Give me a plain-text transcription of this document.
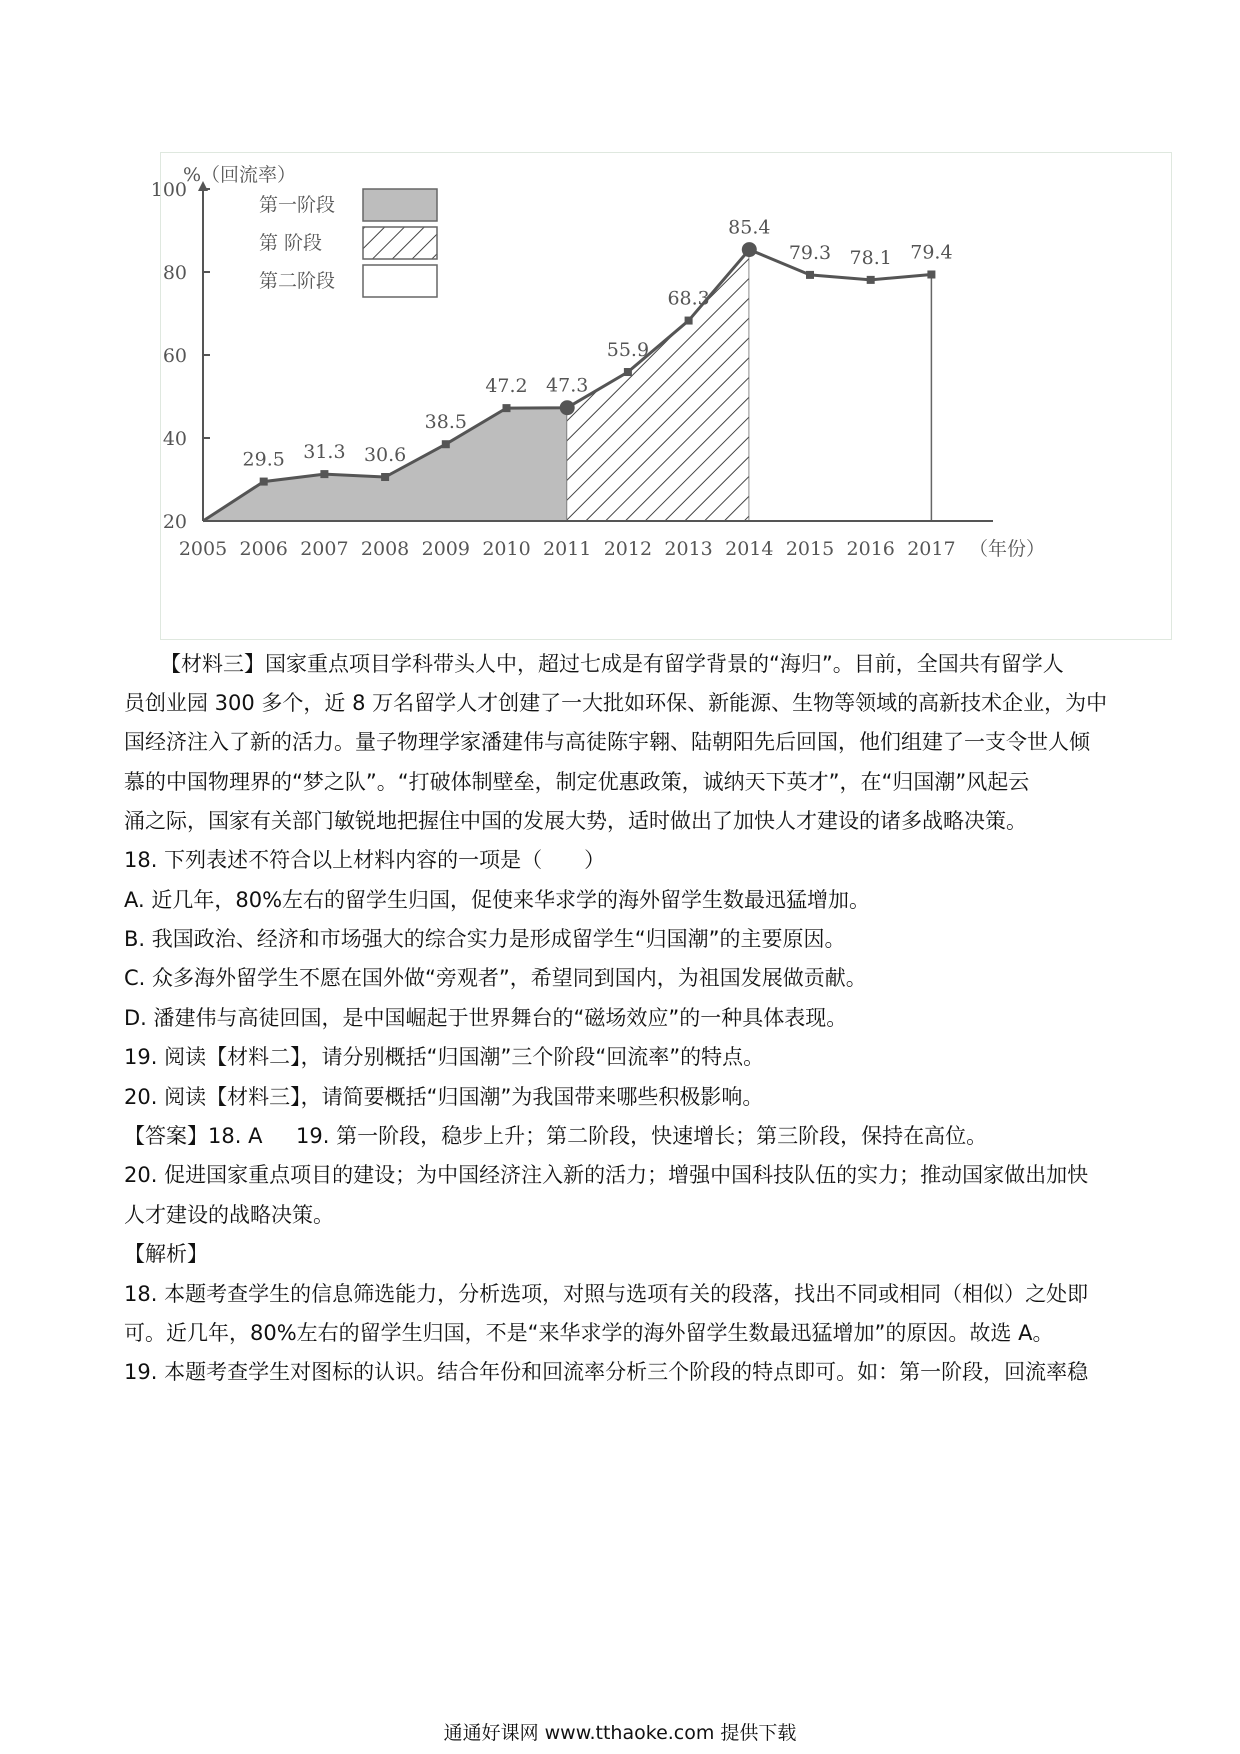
20
40
60
80
100
%（回流率）
2005 2006 2007 2008 2009 2010 2011 2012 2013 2014 2015 2016 2017 （年份）
29.5 31.3 30.6
38.5
47.2 47.3
55.9
68.3
85.4
79.3 78.1 79.4
第一阶段
第 阶段
第二阶段
【材料三】国家重点项目学科带头人中，超过七成是有留学背景的“海归”。目前，全国共有留学人
员创业园 300 多个，近 8 万名留学人才创建了一大批如环保、新能源、生物等领域的高新技术企业，为中
国经济注入了新的活力。量子物理学家潘建伟与高徒陈宇翱、陆朝阳先后回国，他们组建了一支令世人倾
慕的中国物理界的“梦之队”。“打破体制壁垒，制定优惠政策，诚纳天下英才”，在“归国潮”风起云
涌之际，国家有关部门敏锐地把握住中国的发展大势，适时做出了加快人才建设的诸多战略决策。
18. 下列表述不符合以上材料内容的一项是（　　）
A. 近几年，80%左右的留学生归国，促使来华求学的海外留学生数最迅猛增加。
B. 我国政治、经济和市场强大的综合实力是形成留学生“归国潮”的主要原因。
C. 众多海外留学生不愿在国外做“旁观者”，希望同到国内，为祖国发展做贡献。
D. 潘建伟与高徒回国，是中国崛起于世界舞台的“磁场效应”的一种具体表现。
19. 阅读【材料二】，请分别概括“归国潮”三个阶段“回流率”的特点。
20. 阅读【材料三】，请简要概括“归国潮”为我国带来哪些积极影响。
【答案】18. A 19. 第一阶段，稳步上升；第二阶段，快速增长；第三阶段，保持在高位。
20. 促进国家重点项目的建设；为中国经济注入新的活力；增强中国科技队伍的实力；推动国家做出加快
人才建设的战略决策。
【解析】
18. 本题考查学生的信息筛选能力，分析选项，对照与选项有关的段落，找出不同或相同（相似）之处即
可。近几年，80%左右的留学生归国，不是“来华求学的海外留学生数最迅猛增加”的原因。故选 A。
19. 本题考查学生对图标的认识。结合年份和回流率分析三个阶段的特点即可。如：第一阶段，回流率稳
通通好课网 www.tthaoke.com 提供下载
